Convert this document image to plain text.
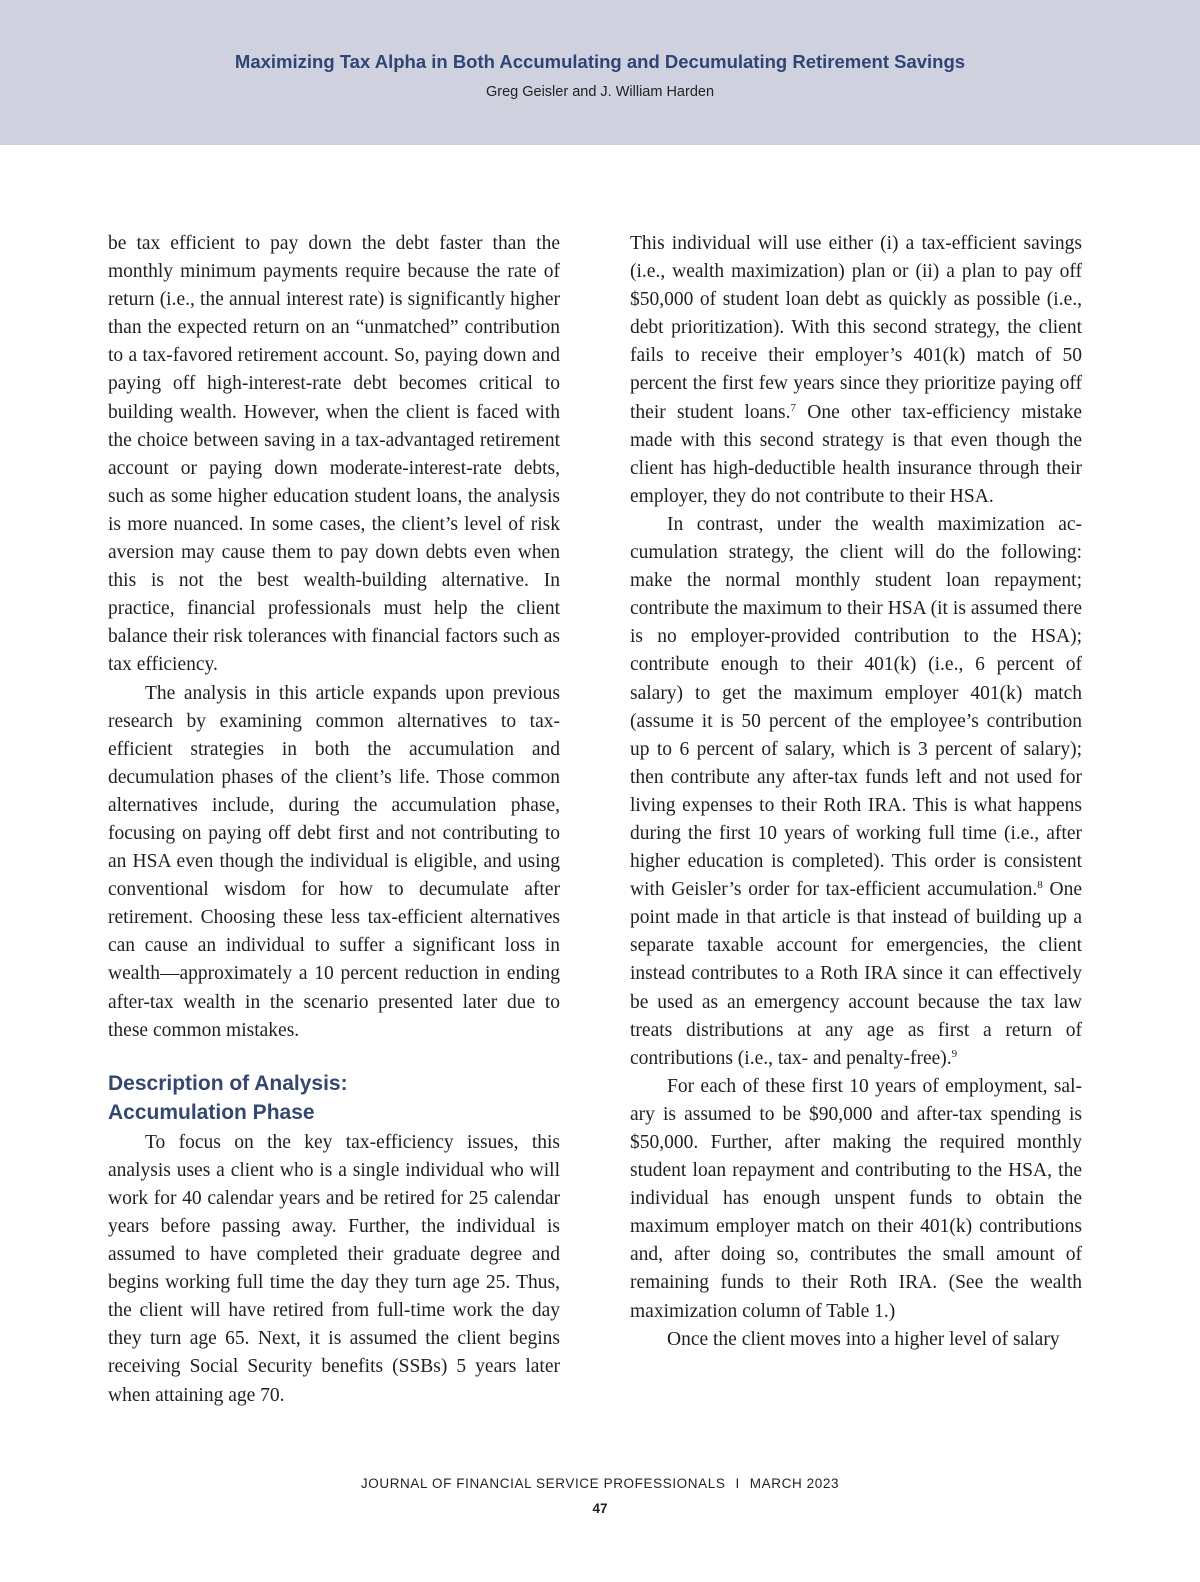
Maximizing Tax Alpha in Both Accumulating and Decumulating Retirement Savings
Greg Geisler and J. William Harden

be tax efficient to pay down the debt faster than the monthly minimum payments require because the rate of return (i.e., the annual interest rate) is significantly higher than the expected return on an “unmatched” contribution to a tax-favored retirement account. So, paying down and paying off high-interest-rate debt becomes critical to building wealth. However, when the client is faced with the choice between saving in a tax-advantaged retirement account or paying down moderate-interest-rate debts, such as some higher education student loans, the analysis is more nuanced. In some cases, the client’s level of risk aversion may cause them to pay down debts even when this is not the best wealth-building alternative. In practice, financial professionals must help the client balance their risk tolerances with financial factors such as tax efficiency.

The analysis in this article expands upon previous research by examining common alternatives to tax-efficient strategies in both the accumulation and decumulation phases of the client’s life. Those common alternatives include, during the accumulation phase, focusing on paying off debt first and not contributing to an HSA even though the individual is eligible, and using conventional wisdom for how to decumulate after retirement. Choosing these less tax-efficient alternatives can cause an individual to suffer a significant loss in wealth—approximately a 10 percent reduction in ending after-tax wealth in the scenario presented later due to these common mistakes.

Description of Analysis:
Accumulation Phase

To focus on the key tax-efficiency issues, this analysis uses a client who is a single individual who will work for 40 calendar years and be retired for 25 calendar years before passing away. Further, the individual is assumed to have completed their graduate degree and begins working full time the day they turn age 25. Thus, the client will have retired from full-time work the day they turn age 65. Next, it is assumed the client begins receiving Social Security benefits (SSBs) 5 years later when attaining age 70.

This individual will use either (i) a tax-efficient savings (i.e., wealth maximization) plan or (ii) a plan to pay off $50,000 of student loan debt as quickly as possible (i.e., debt prioritization). With this second strategy, the client fails to receive their employer’s 401(k) match of 50 percent the first few years since they prioritize paying off their student loans.$^7$ One other tax-efficiency mistake made with this second strategy is that even though the client has high-deductible health insurance through their employer, they do not contribute to their HSA.

In contrast, under the wealth maximization accumulation strategy, the client will do the following: make the normal monthly student loan repayment; contribute the maximum to their HSA (it is assumed there is no employer-provided contribution to the HSA); contribute enough to their 401(k) (i.e., 6 percent of salary) to get the maximum employer 401(k) match (assume it is 50 percent of the employee’s contribution up to 6 percent of salary, which is 3 percent of salary); then contribute any after-tax funds left and not used for living expenses to their Roth IRA. This is what happens during the first 10 years of working full time (i.e., after higher education is completed). This order is consistent with Geisler’s order for tax-efficient accumulation.$^8$ One point made in that article is that instead of building up a separate taxable account for emergencies, the client instead contributes to a Roth IRA since it can effectively be used as an emergency account because the tax law treats distributions at any age as first a return of contributions (i.e., tax- and penalty-free).$^9$

For each of these first 10 years of employment, salary is assumed to be $90,000 and after-tax spending is $50,000. Further, after making the required monthly student loan repayment and contributing to the HSA, the individual has enough unspent funds to obtain the maximum employer match on their 401(k) contributions and, after doing so, contributes the small amount of remaining funds to their Roth IRA. (See the wealth maximization column of Table 1.)

Once the client moves into a higher level of salary

JOURNAL OF FINANCIAL SERVICE PROFESSIONALS I MARCH 2023
47
